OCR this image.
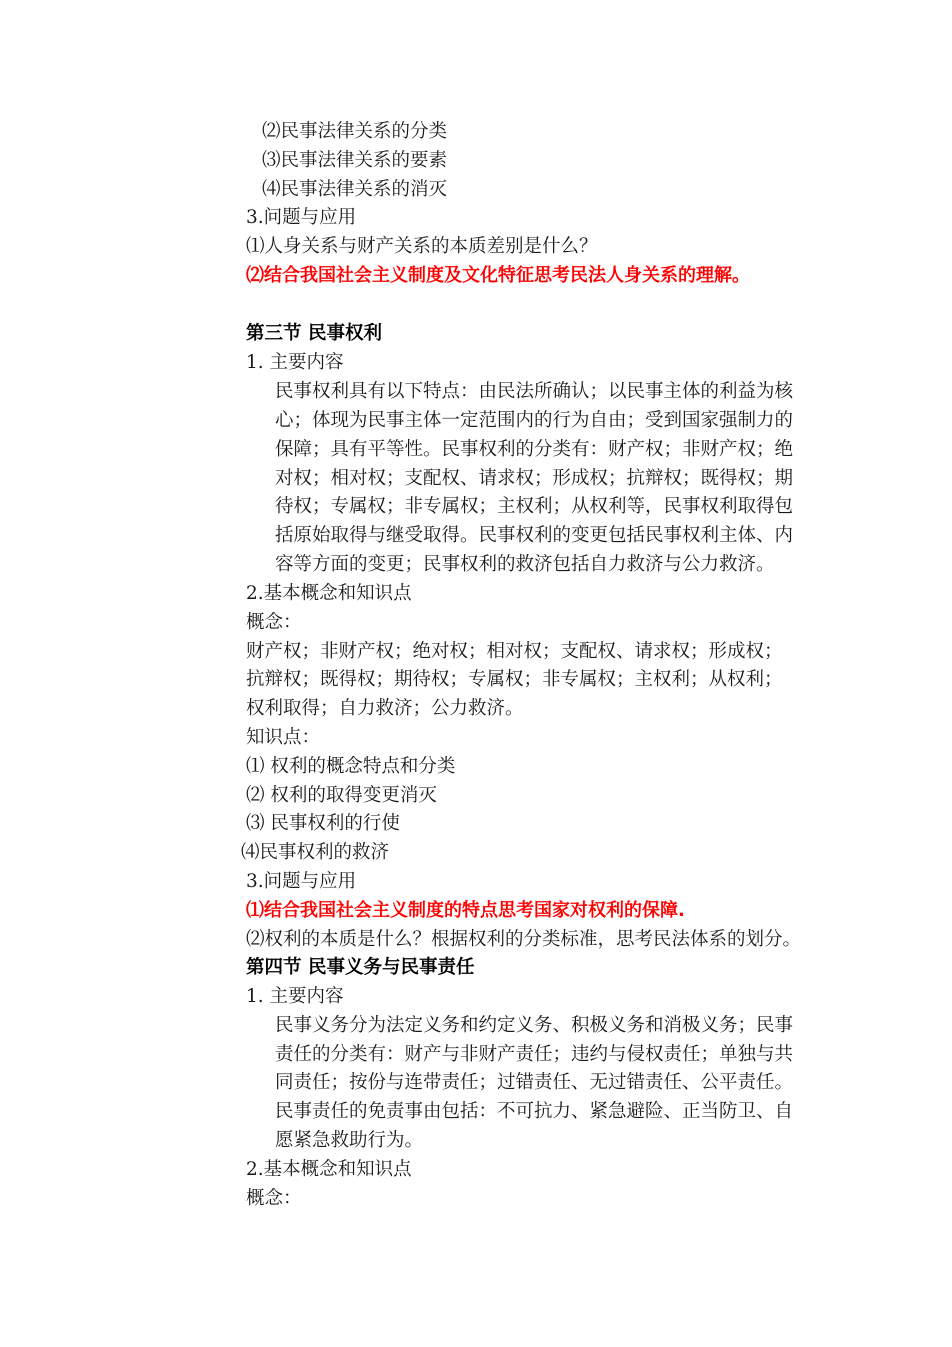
⑵民事法律关系的分类
⑶民事法律关系的要素
⑷民事法律关系的消灭
3.问题与应用
⑴人身关系与财产关系的本质差别是什么？
⑵结合我国社会主义制度及文化特征思考民法人身关系的理解。
第三节 民事权利
1. 主要内容
民事权利具有以下特点：由民法所确认；以民事主体的利益为核
心；体现为民事主体一定范围内的行为自由；受到国家强制力的
保障；具有平等性。民事权利的分类有：财产权；非财产权；绝
对权；相对权；支配权、请求权；形成权；抗辩权；既得权；期
待权；专属权；非专属权；主权利；从权利等，民事权利取得包
括原始取得与继受取得。民事权利的变更包括民事权利主体、内
容等方面的变更；民事权利的救济包括自力救济与公力救济。
2.基本概念和知识点
概念：
财产权；非财产权；绝对权；相对权；支配权、请求权；形成权；
抗辩权；既得权；期待权；专属权；非专属权；主权利；从权利；
权利取得；自力救济；公力救济。
知识点：
⑴ 权利的概念特点和分类
⑵ 权利的取得变更消灭
⑶ 民事权利的行使
⑷民事权利的救济
3.问题与应用
⑴结合我国社会主义制度的特点思考国家对权利的保障.
⑵权利的本质是什么？根据权利的分类标准，思考民法体系的划分。
第四节 民事义务与民事责任
1. 主要内容
民事义务分为法定义务和约定义务、积极义务和消极义务；民事
责任的分类有：财产与非财产责任；违约与侵权责任；单独与共
同责任；按份与连带责任；过错责任、无过错责任、公平责任。
民事责任的免责事由包括：不可抗力、紧急避险、正当防卫、自
愿紧急救助行为。
2.基本概念和知识点
概念：
